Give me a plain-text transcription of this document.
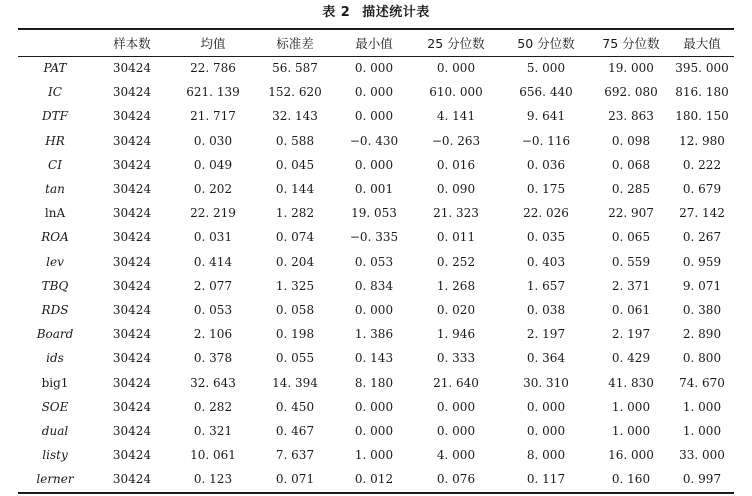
表 2 描述统计表
	样本数	均值	标准差	最小值	25 分位数	50 分位数	75 分位数	最大值
PAT	30424	22. 786	56. 587	0. 000	0. 000	5. 000	19. 000	395. 000
IC	30424	621. 139	152. 620	0. 000	610. 000	656. 440	692. 080	816. 180
DTF	30424	21. 717	32. 143	0. 000	4. 141	9. 641	23. 863	180. 150
HR	30424	0. 030	0. 588	−0. 430	−0. 263	−0. 116	0. 098	12. 980
CI	30424	0. 049	0. 045	0. 000	0. 016	0. 036	0. 068	0. 222
tan	30424	0. 202	0. 144	0. 001	0. 090	0. 175	0. 285	0. 679
lnA	30424	22. 219	1. 282	19. 053	21. 323	22. 026	22. 907	27. 142
ROA	30424	0. 031	0. 074	−0. 335	0. 011	0. 035	0. 065	0. 267
lev	30424	0. 414	0. 204	0. 053	0. 252	0. 403	0. 559	0. 959
TBQ	30424	2. 077	1. 325	0. 834	1. 268	1. 657	2. 371	9. 071
RDS	30424	0. 053	0. 058	0. 000	0. 020	0. 038	0. 061	0. 380
Board	30424	2. 106	0. 198	1. 386	1. 946	2. 197	2. 197	2. 890
ids	30424	0. 378	0. 055	0. 143	0. 333	0. 364	0. 429	0. 800
big1	30424	32. 643	14. 394	8. 180	21. 640	30. 310	41. 830	74. 670
SOE	30424	0. 282	0. 450	0. 000	0. 000	0. 000	1. 000	1. 000
dual	30424	0. 321	0. 467	0. 000	0. 000	0. 000	1. 000	1. 000
listy	30424	10. 061	7. 637	1. 000	4. 000	8. 000	16. 000	33. 000
lerner	30424	0. 123	0. 071	0. 012	0. 076	0. 117	0. 160	0. 997
